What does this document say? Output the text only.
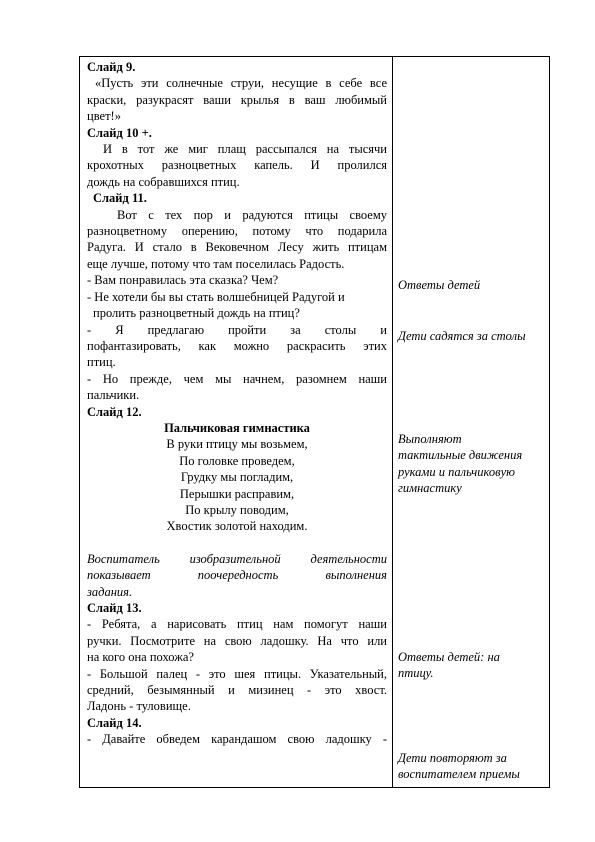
Слайд 9.

«Пусть эти солнечные струи, несущие в себе все

краски, разукрасят ваши крылья в ваш любимый

цвет!»

Слайд 10 +.

И в тот же миг плащ рассыпался на тысячи

крохотных разноцветных капель. И пролился

дождь на собравшихся птиц.

Слайд 11.

Вот с тех пор и радуются птицы своему

разноцветному оперению, потому что подарила

Радуга. И стало в Вековечном Лесу жить птицам

еще лучше, потому что там поселилась Радость.

- Вам понравилась эта сказка? Чем?

- Не хотели бы вы стать волшебницей Радугой и

пролить разноцветный дождь на птиц?

- Я предлагаю пройти за столы и

пофантазировать, как можно раскрасить этих

птиц.

- Но прежде, чем мы начнем, разомнем наши

пальчики.

Слайд 12.

Пальчиковая гимнастика

В руки птицу мы возьмем,

По головке проведем,

Грудку мы погладим,

Перышки расправим,

По крылу поводим,

Хвостик золотой находим.

Воспитатель изобразительной деятельности

показывает поочередность выполнения

задания.

Слайд 13.

- Ребята, а нарисовать птиц нам помогут наши

ручки. Посмотрите на свою ладошку. На что или

на кого она похожа?

- Большой палец - это шея птицы. Указательный,

средний, безымянный и мизинец - это хвост.

Ладонь - туловище.

Слайд 14.

- Давайте обведем карандашом свою ладошку -

Ответы детей
Дети садятся за столы
Выполняют
тактильные движения
руками и пальчиковую
гимнастику
Ответы детей: на
птицу.
Дети повторяют за
воспитателем приемы
